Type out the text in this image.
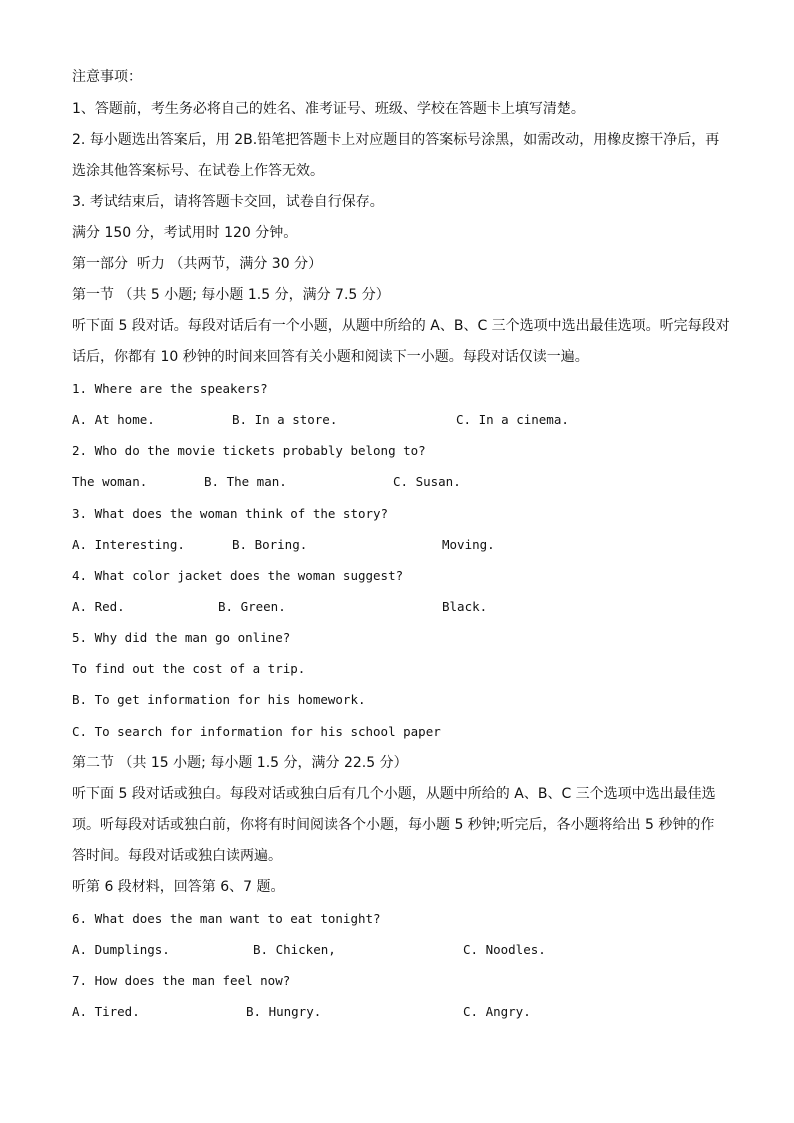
注意事项：
1、答题前，考生务必将自己的姓名、准考证号、班级、学校在答题卡上填写清楚。
2. 每小题选出答案后，用 2B.铅笔把答题卡上对应题目的答案标号涂黑，如需改动，用橡皮擦干净后，再
选涂其他答案标号、在试卷上作答无效。
3. 考试结束后，请将答题卡交回，试卷自行保存。
满分 150 分，考试用时 120 分钟。
第一部分  听力 （共两节，满分 30 分）
第一节 （共 5 小题; 每小题 1.5 分，满分 7.5 分）
听下面 5 段对话。每段对话后有一个小题，从题中所给的 A、B、C 三个选项中选出最佳选项。听完每段对
话后，你都有 10 秒钟的时间来回答有关小题和阅读下一小题。每段对话仅读一遍。
1. Where are the speakers?
A. At home.	B. In a store.	C. In a cinema.
2. Who do the movie tickets probably belong to?
The woman.	B. The man.	C. Susan.
3. What does the woman think of the story?
A. Interesting.	B. Boring.	Moving.
4. What color jacket does the woman suggest?
A. Red.	B. Green.	Black.
5. Why did the man go online?
To find out the cost of a trip.
B. To get information for his homework.
C. To search for information for his school paper
第二节 （共 15 小题; 每小题 1.5 分，满分 22.5 分）
听下面 5 段对话或独白。每段对话或独白后有几个小题，从题中所给的 A、B、C 三个选项中选出最佳选
项。听每段对话或独白前，你将有时间阅读各个小题，每小题 5 秒钟;听完后，各小题将给出 5 秒钟的作
答时间。每段对话或独白读两遍。
听第 6 段材料，回答第 6、7 题。
6. What does the man want to eat tonight?
A. Dumplings.	B. Chicken,	C. Noodles.
7. How does the man feel now?
A. Tired.	B. Hungry.	C. Angry.
